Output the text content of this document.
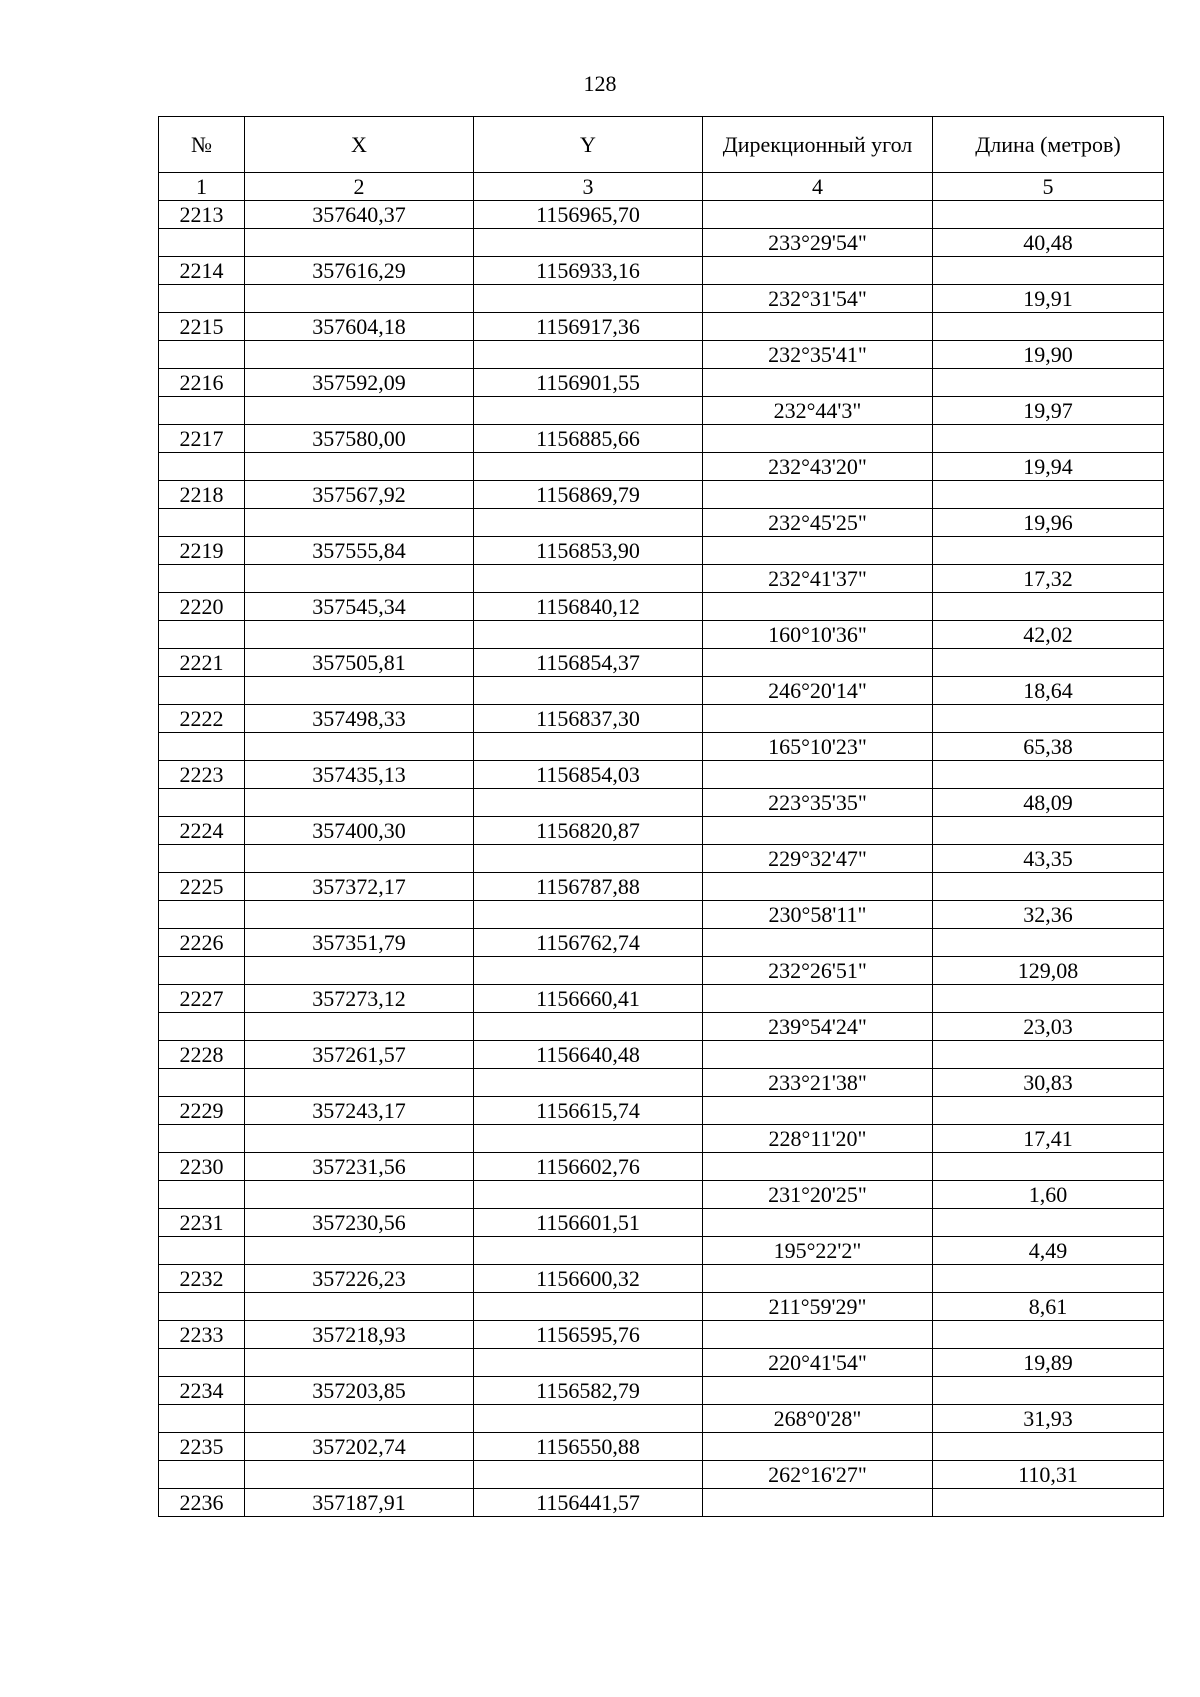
128
№	X	Y	Дирекционный угол	Длина (метров)
1	2	3	4	5
2213	357640,37	1156965,70		
			233°29'54"	40,48
2214	357616,29	1156933,16		
			232°31'54"	19,91
2215	357604,18	1156917,36		
			232°35'41"	19,90
2216	357592,09	1156901,55		
			232°44'3"	19,97
2217	357580,00	1156885,66		
			232°43'20"	19,94
2218	357567,92	1156869,79		
			232°45'25"	19,96
2219	357555,84	1156853,90		
			232°41'37"	17,32
2220	357545,34	1156840,12		
			160°10'36"	42,02
2221	357505,81	1156854,37		
			246°20'14"	18,64
2222	357498,33	1156837,30		
			165°10'23"	65,38
2223	357435,13	1156854,03		
			223°35'35"	48,09
2224	357400,30	1156820,87		
			229°32'47"	43,35
2225	357372,17	1156787,88		
			230°58'11"	32,36
2226	357351,79	1156762,74		
			232°26'51"	129,08
2227	357273,12	1156660,41		
			239°54'24"	23,03
2228	357261,57	1156640,48		
			233°21'38"	30,83
2229	357243,17	1156615,74		
			228°11'20"	17,41
2230	357231,56	1156602,76		
			231°20'25"	1,60
2231	357230,56	1156601,51		
			195°22'2"	4,49
2232	357226,23	1156600,32		
			211°59'29"	8,61
2233	357218,93	1156595,76		
			220°41'54"	19,89
2234	357203,85	1156582,79		
			268°0'28"	31,93
2235	357202,74	1156550,88		
			262°16'27"	110,31
2236	357187,91	1156441,57		
